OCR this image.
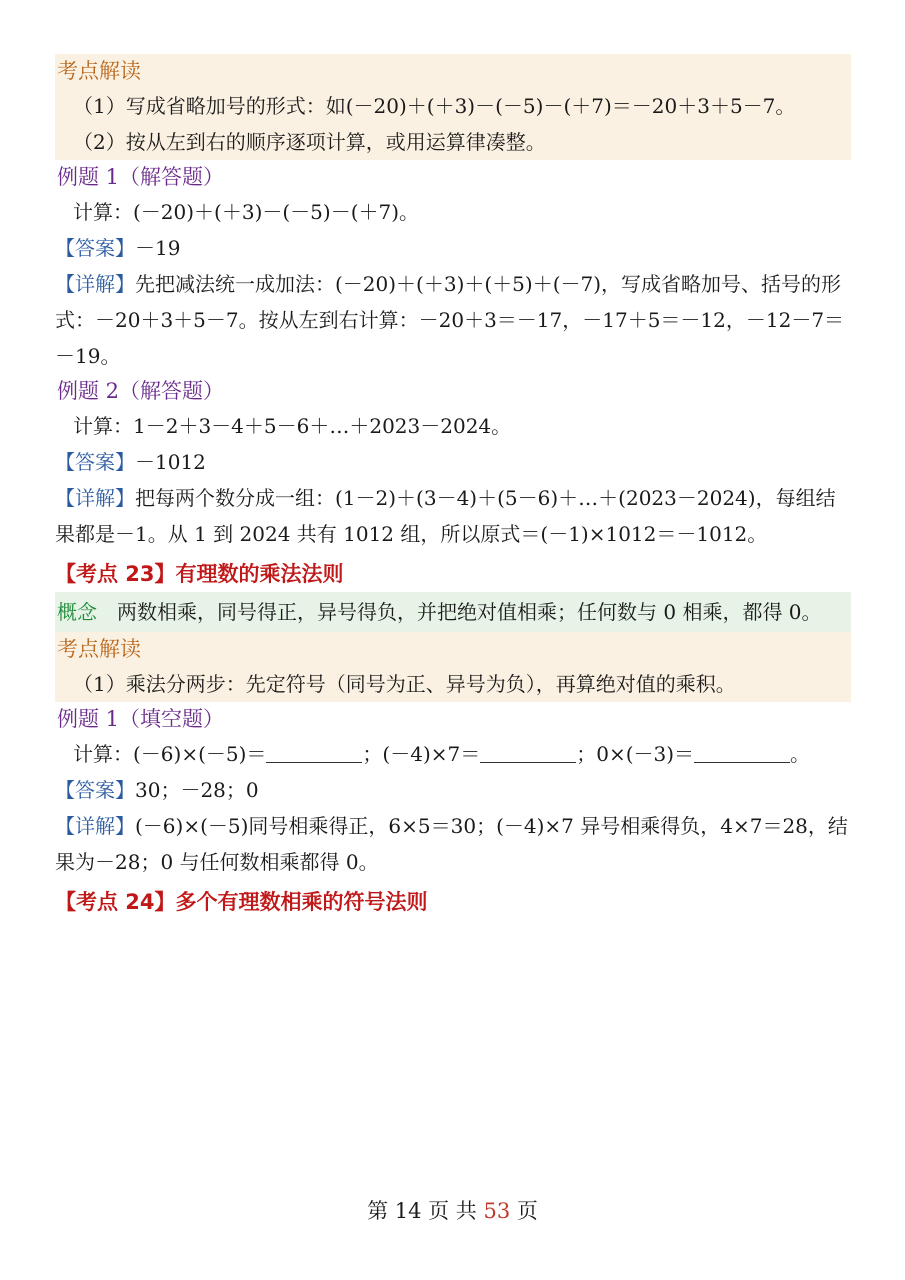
考点解读
（1）写成省略加号的形式：如(－20)＋(＋3)－(－5)－(＋7)＝－20＋3＋5－7。
（2）按从左到右的顺序逐项计算，或用运算律凑整。
例题 1（解答题）
计算：(－20)＋(＋3)－(－5)－(＋7)。
【答案】－19
【详解】先把减法统一成加法：(－20)＋(＋3)＋(＋5)＋(－7)，写成省略加号、括号的形式：－20＋3＋5－7。按从左到右计算：－20＋3＝－17，－17＋5＝－12，－12－7＝－19。
例题 2（解答题）
计算：1－2＋3－4＋5－6＋…＋2023－2024。
【答案】－1012
【详解】把每两个数分成一组：(1－2)＋(3－4)＋(5－6)＋…＋(2023－2024)，每组结果都是－1。从 1 到 2024 共有 1012 组，所以原式＝(－1)×1012＝－1012。
【考点 23】有理数的乘法法则
概念  两数相乘，同号得正，异号得负，并把绝对值相乘；任何数与 0 相乘，都得 0。
考点解读
（1）乘法分两步：先定符号（同号为正、异号为负），再算绝对值的乘积。
例题 1（填空题）
计算：(－6)×(－5)＝	；(－4)×7＝	；0×(－3)＝	。
【答案】30；－28；0
【详解】(－6)×(－5)同号相乘得正，6×5＝30；(－4)×7 异号相乘得负，4×7＝28，结果为－28；0 与任何数相乘都得 0。
【考点 24】多个有理数相乘的符号法则
第 14 页 共 53 页
